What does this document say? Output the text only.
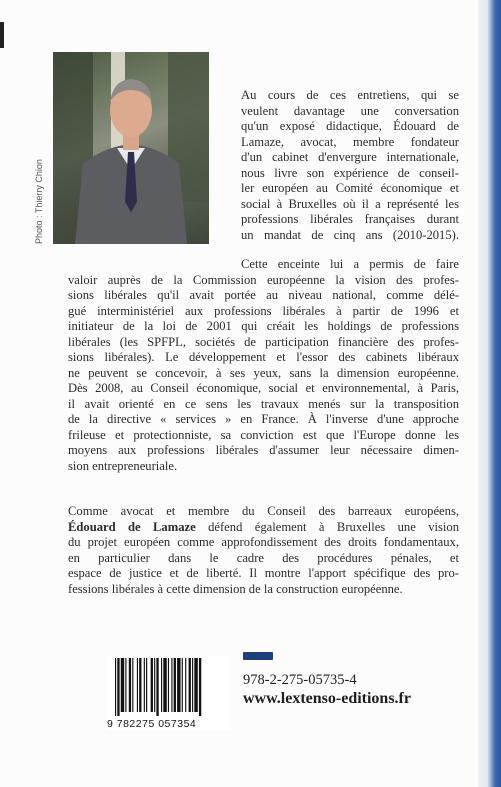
Photo : Thierry Chion
Au cours de ces entretiens, qui se
veulent davantage une conversation
qu'un exposé didactique, Édouard de
Lamaze, avocat, membre fondateur
d'un cabinet d'envergure internationale,
nous livre son expérience de conseil-
ler européen au Comité économique et
social à Bruxelles où il a représenté les
professions libérales françaises durant
un mandat de cinq ans (2010-2015).
Cette enceinte lui a permis de faire
valoir auprès de la Commission européenne la vision des profes-
sions libérales qu'il avait portée au niveau national, comme délé-
gué interministériel aux professions libérales à partir de 1996 et
initiateur de la loi de 2001 qui créait les holdings de professions
libérales (les SPFPL, sociétés de participation financière des profes-
sions libérales). Le développement et l'essor des cabinets libéraux
ne peuvent se concevoir, à ses yeux, sans la dimension européenne.
Dès 2008, au Conseil économique, social et environnemental, à Paris,
il avait orienté en ce sens les travaux menés sur la transposition
de la directive « services » en France. À l'inverse d'une approche
frileuse et protectionniste, sa conviction est que l'Europe donne les
moyens aux professions libérales d'assumer leur nécessaire dimen-
sion entrepreneuriale.
Comme avocat et membre du Conseil des barreaux européens,
Édouard de Lamaze défend également à Bruxelles une vision
du projet européen comme approfondissement des droits fondamentaux,
en particulier dans le cadre des procédures pénales, et
espace de justice et de liberté. Il montre l'apport spécifique des pro-
fessions libérales à cette dimension de la construction européenne.
9 782275 057354
978-2-275-05735-4
www.lextenso-editions.fr
